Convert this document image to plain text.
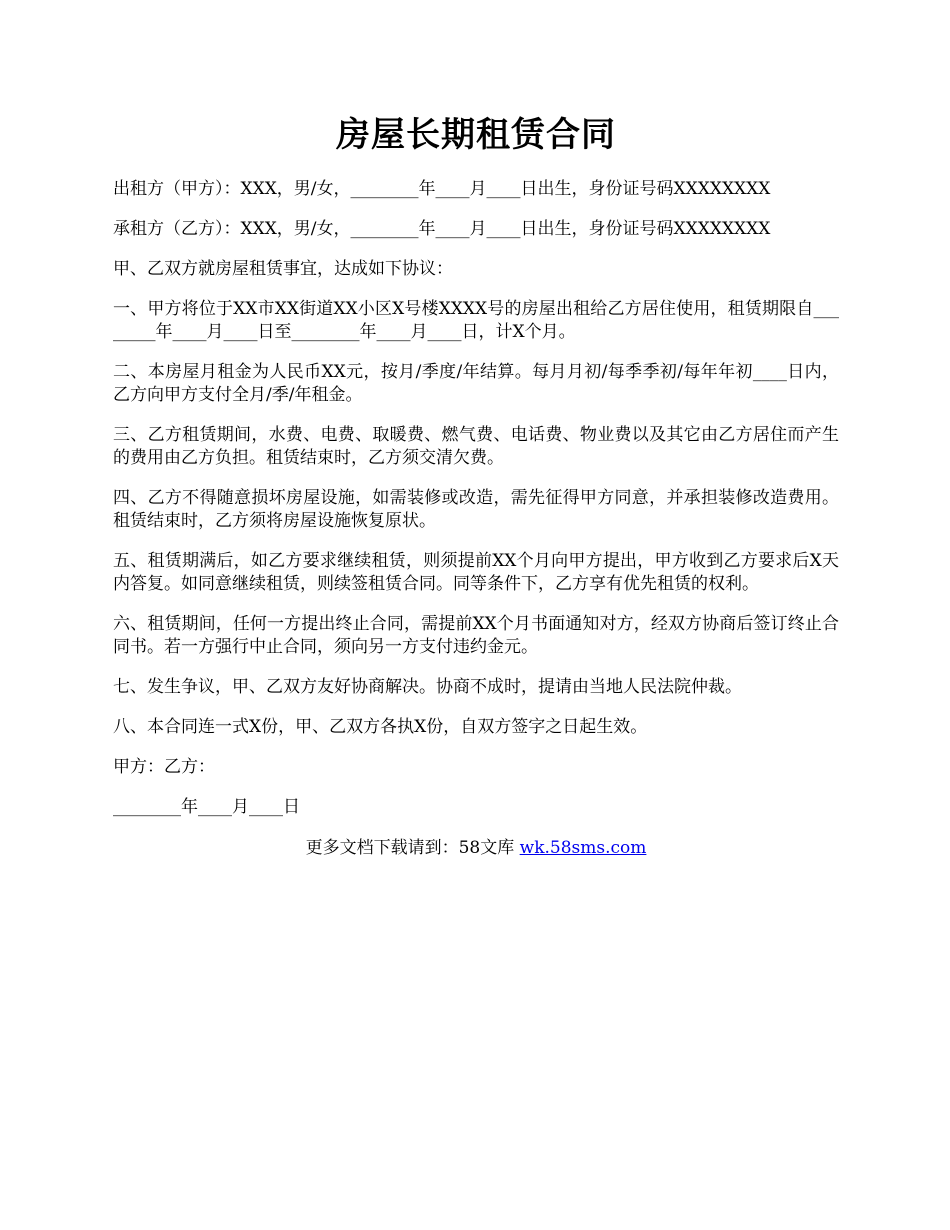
房屋长期租赁合同

出租方（甲方）：XXX，男/女，________年____月____日出生，身份证号码XXXXXXXX

承租方（乙方）：XXX，男/女，________年____月____日出生，身份证号码XXXXXXXX

甲、乙双方就房屋租赁事宜，达成如下协议：

一、甲方将位于XX市XX街道XX小区X号楼XXXX号的房屋出租给乙方居住使用，租赁期限自________年____月____日至________年____月____日，计X个月。

二、本房屋月租金为人民币XX元，按月/季度/年结算。每月月初/每季季初/每年年初____日内，乙方向甲方支付全月/季/年租金。

三、乙方租赁期间，水费、电费、取暖费、燃气费、电话费、物业费以及其它由乙方居住而产生的费用由乙方负担。租赁结束时，乙方须交清欠费。

四、乙方不得随意损坏房屋设施，如需装修或改造，需先征得甲方同意，并承担装修改造费用。租赁结束时，乙方须将房屋设施恢复原状。

五、租赁期满后，如乙方要求继续租赁，则须提前XX个月向甲方提出，甲方收到乙方要求后X天内答复。如同意继续租赁，则续签租赁合同。同等条件下，乙方享有优先租赁的权利。

六、租赁期间，任何一方提出终止合同，需提前XX个月书面通知对方，经双方协商后签订终止合同书。若一方强行中止合同，须向另一方支付违约金元。

七、发生争议，甲、乙双方友好协商解决。协商不成时，提请由当地人民法院仲裁。

八、本合同连一式X份，甲、乙双方各执X份，自双方签字之日起生效。

甲方：乙方：

________年____月____日

更多文档下载请到：58文库 wk.58sms.com
